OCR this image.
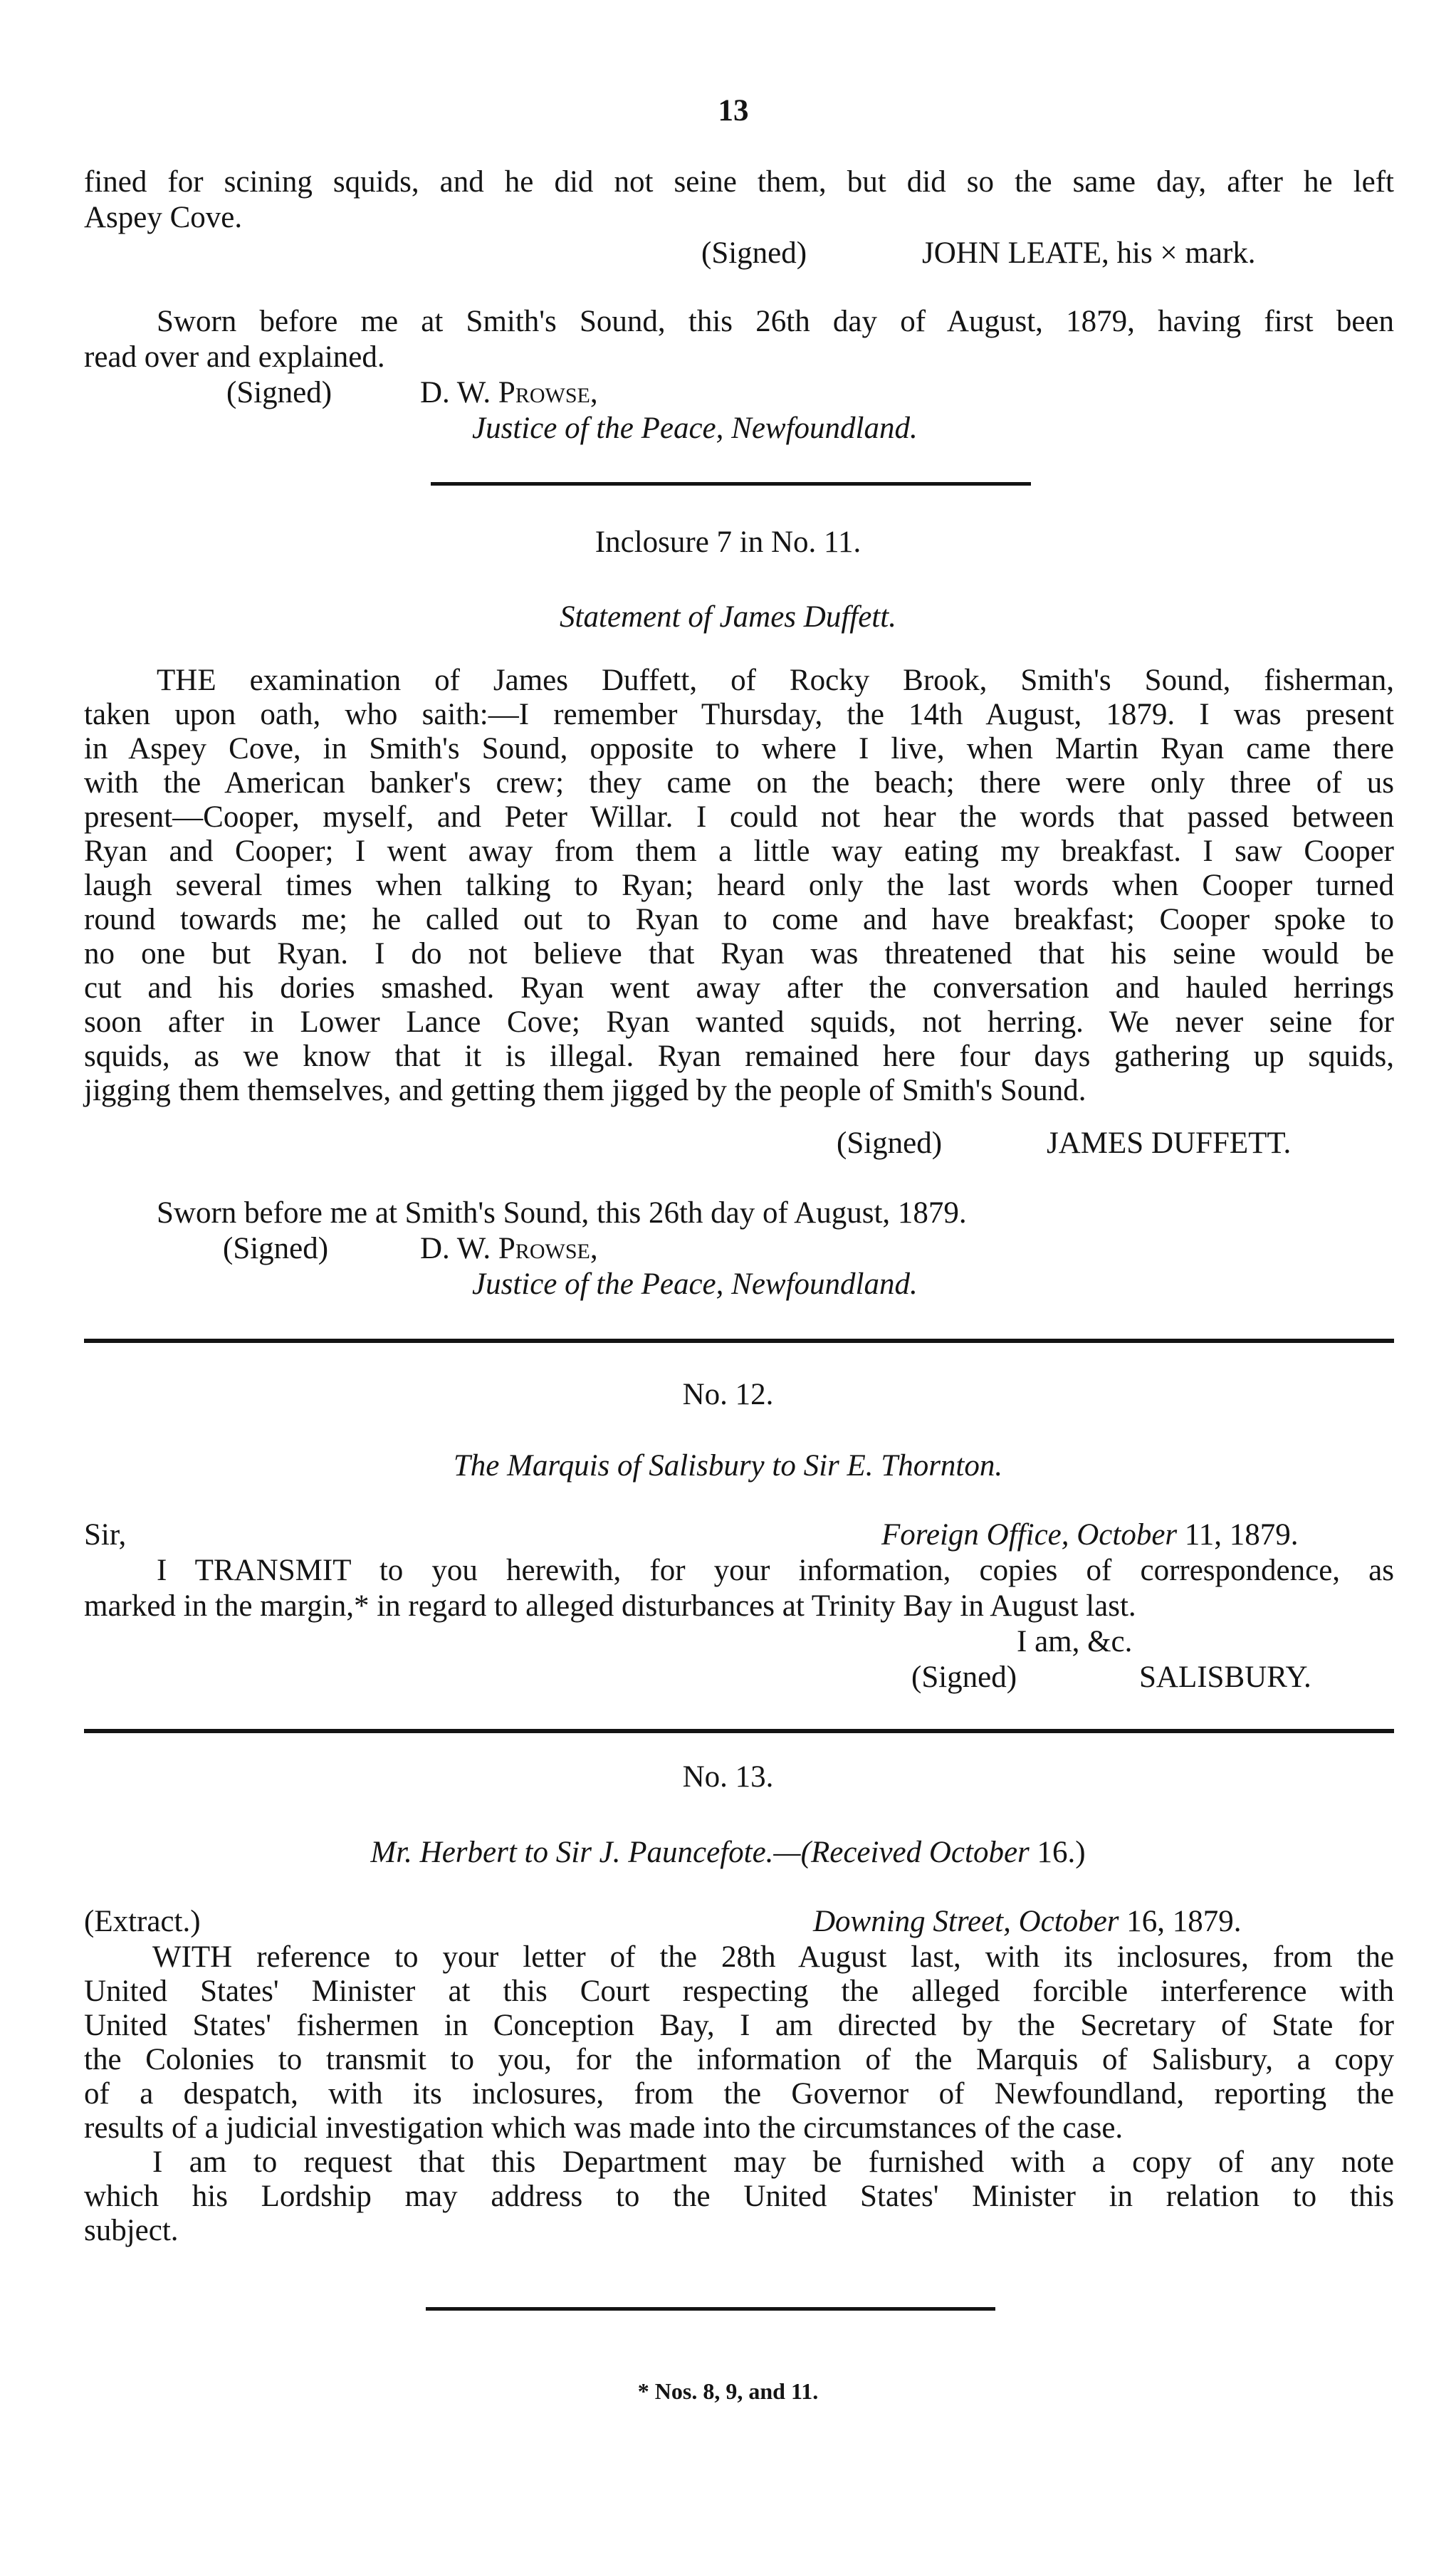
13
fined for scining squids, and he did not seine them, but did so the same day, after he left
Aspey Cove.
(Signed)	JOHN LEATE, his × mark.
Sworn before me at Smith's Sound, this 26th day of August, 1879, having first been
read over and explained.
(Signed)	D. W. Prowse,
Justice of the Peace, Newfoundland.
Inclosure 7 in No. 11.
Statement of James Duffett.
THE examination of James Duffett, of Rocky Brook, Smith's Sound, fisherman,
taken upon oath, who saith:—I remember Thursday, the 14th August, 1879. I was present
in Aspey Cove, in Smith's Sound, opposite to where I live, when Martin Ryan came there
with the American banker's crew; they came on the beach; there were only three of us
present—Cooper, myself, and Peter Willar. I could not hear the words that passed between
Ryan and Cooper; I went away from them a little way eating my breakfast. I saw Cooper
laugh several times when talking to Ryan; heard only the last words when Cooper turned
round towards me; he called out to Ryan to come and have breakfast; Cooper spoke to
no one but Ryan. I do not believe that Ryan was threatened that his seine would be
cut and his dories smashed. Ryan went away after the conversation and hauled herrings
soon after in Lower Lance Cove; Ryan wanted squids, not herring. We never seine for
squids, as we know that it is illegal. Ryan remained here four days gathering up squids,
jigging them themselves, and getting them jigged by the people of Smith's Sound.
(Signed)	JAMES DUFFETT.
Sworn before me at Smith's Sound, this 26th day of August, 1879.
(Signed)	D. W. Prowse,
Justice of the Peace, Newfoundland.
No. 12.
The Marquis of Salisbury to Sir E. Thornton.
Sir,	Foreign Office, October 11, 1879.
I TRANSMIT to you herewith, for your information, copies of correspondence, as
marked in the margin,* in regard to alleged disturbances at Trinity Bay in August last.
I am, &c.
(Signed)	SALISBURY.
No. 13.
Mr. Herbert to Sir J. Pauncefote.—(Received October 16.)
(Extract.)	Downing Street, October 16, 1879.
WITH reference to your letter of the 28th August last, with its inclosures, from the
United States' Minister at this Court respecting the alleged forcible interference with
United States' fishermen in Conception Bay, I am directed by the Secretary of State for
the Colonies to transmit to you, for the information of the Marquis of Salisbury, a copy
of a despatch, with its inclosures, from the Governor of Newfoundland, reporting the
results of a judicial investigation which was made into the circumstances of the case.
I am to request that this Department may be furnished with a copy of any note
which his Lordship may address to the United States' Minister in relation to this
subject.
* Nos. 8, 9, and 11.
